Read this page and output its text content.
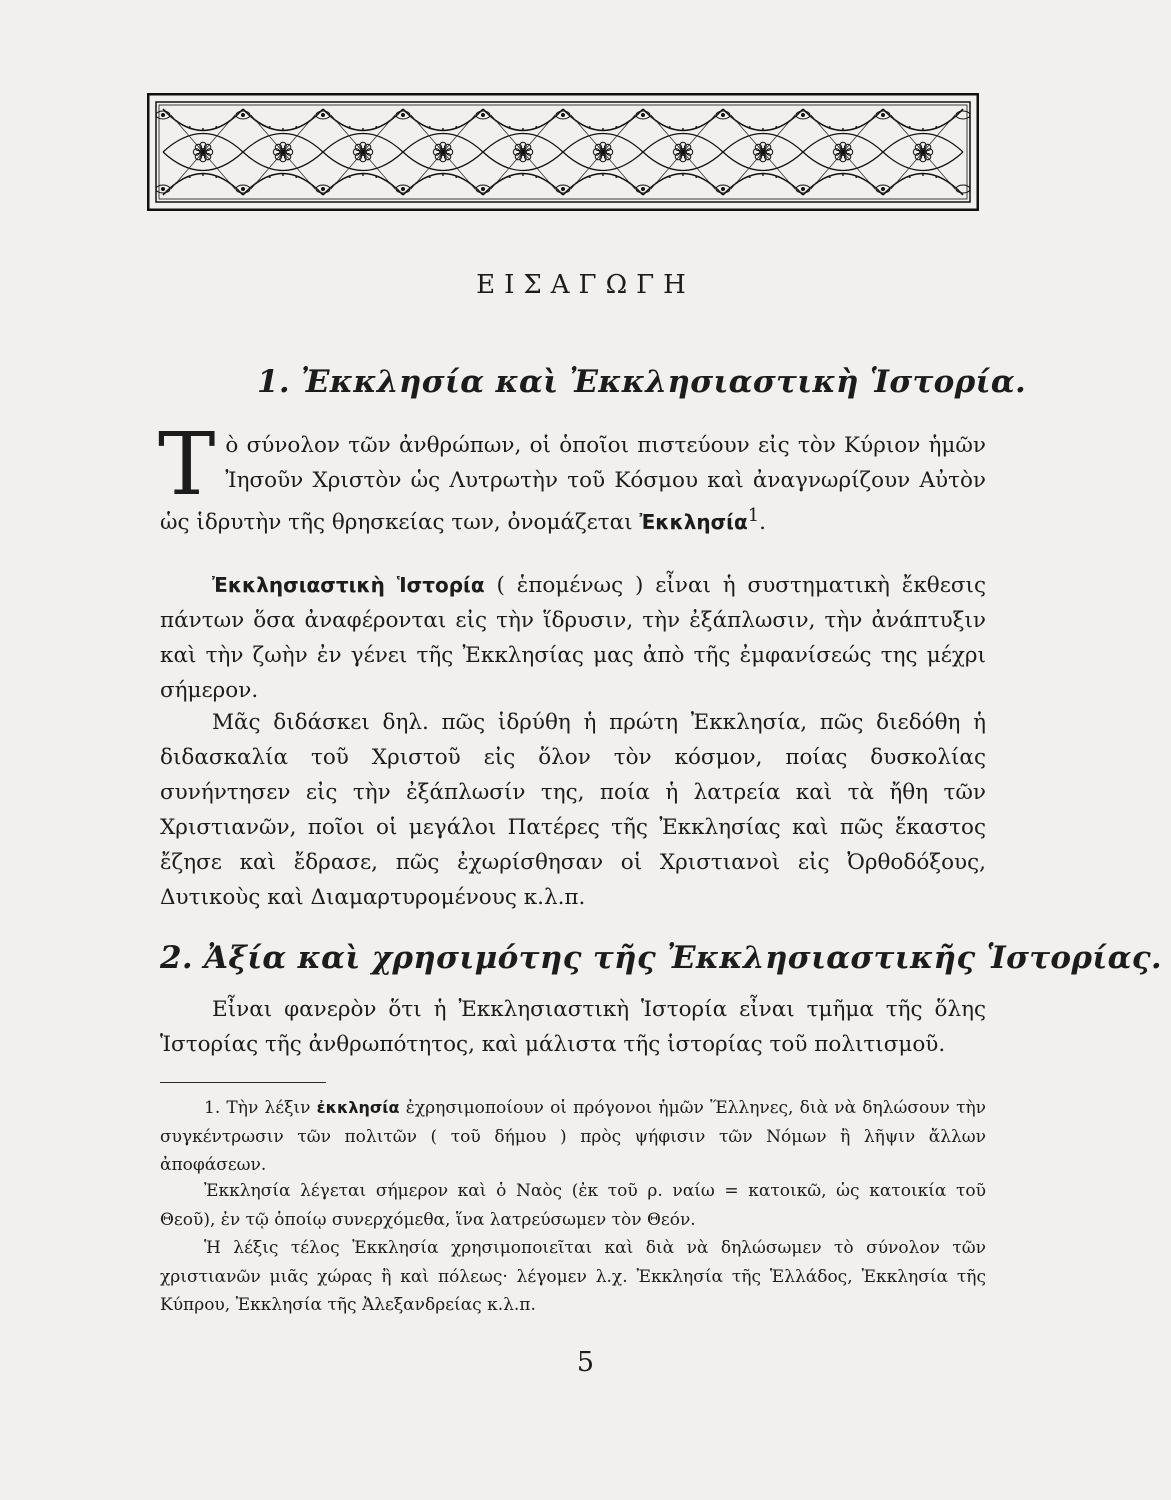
ΕΙΣΑΓΩΓΗ
1. Ἐκκλησία καὶ Ἐκκλησιαστικὴ Ἱστορία.

Τὸ σύνολον τῶν ἀνθρώπων, οἱ ὁποῖοι πιστεύουν εἰς τὸν Κύριον ἡμῶν Ἰησοῦν Χριστὸν ὡς Λυτρωτὴν τοῦ Κόσμου καὶ ἀναγνωρίζουν Αὐτὸν ὡς ἱδρυτὴν τῆς θρησκείας των, ὀνομάζεται Ἐκκλησία$^1$.

Ἐκκλησιαστικὴ Ἱστορία ( ἑπομένως ) εἶναι ἡ συστηματικὴ ἔκθεσις πάντων ὅσα ἀναφέρονται εἰς τὴν ἵδρυσιν, τὴν ἐξάπλωσιν, τὴν ἀνάπτυξιν καὶ τὴν ζωὴν ἐν γένει τῆς Ἐκκλησίας μας ἀπὸ τῆς ἐμφανίσεώς της μέχρι σήμερον.

Μᾶς διδάσκει δηλ. πῶς ἱδρύθη ἡ πρώτη Ἐκκλησία, πῶς διεδόθη ἡ διδασκαλία τοῦ Χριστοῦ εἰς ὅλον τὸν κόσμον, ποίας δυσκολίας συνήντησεν εἰς τὴν ἐξάπλωσίν της, ποία ἡ λατρεία καὶ τὰ ἤθη τῶν Χριστιανῶν, ποῖοι οἱ μεγάλοι Πατέρες τῆς Ἐκκλησίας καὶ πῶς ἕκαστος ἔζησε καὶ ἔδρασε, πῶς ἐχωρίσθησαν οἱ Χριστιανοὶ εἰς Ὀρθοδόξους, Δυτικοὺς καὶ Διαμαρτυρομένους κ.λ.π.

2. Ἀξία καὶ χρησιμότης τῆς Ἐκκλησιαστικῆς Ἱστορίας.

Εἶναι φανερὸν ὅτι ἡ Ἐκκλησιαστικὴ Ἱστορία εἶναι τμῆμα τῆς ὅλης Ἱστορίας τῆς ἀνθρωπότητος, καὶ μάλιστα τῆς ἱστορίας τοῦ πολιτισμοῦ.

1. Τὴν λέξιν ἐκκλησία ἐχρησιμοποίουν οἱ πρόγονοι ἡμῶν Ἕλληνες, διὰ νὰ δηλώσουν τὴν συγκέντρωσιν τῶν πολιτῶν ( τοῦ δήμου ) πρὸς ψήφισιν τῶν Νόμων ἢ λῆψιν ἄλλων ἀποφάσεων.

Ἐκκλησία λέγεται σήμερον καὶ ὁ Ναὸς (ἐκ τοῦ ρ. ναίω = κατοικῶ, ὡς κατοικία τοῦ Θεοῦ), ἐν τῷ ὁποίῳ συνερχόμεθα, ἵνα λατρεύσωμεν τὸν Θεόν.

Ἡ λέξις τέλος Ἐκκλησία χρησιμοποιεῖται καὶ διὰ νὰ δηλώσωμεν τὸ σύνολον τῶν χριστιανῶν μιᾶς χώρας ἢ καὶ πόλεως· λέγομεν λ.χ. Ἐκκλησία τῆς Ἑλλάδος, Ἐκκλησία τῆς Κύπρου, Ἐκκλησία τῆς Ἀλεξανδρείας κ.λ.π.

5
